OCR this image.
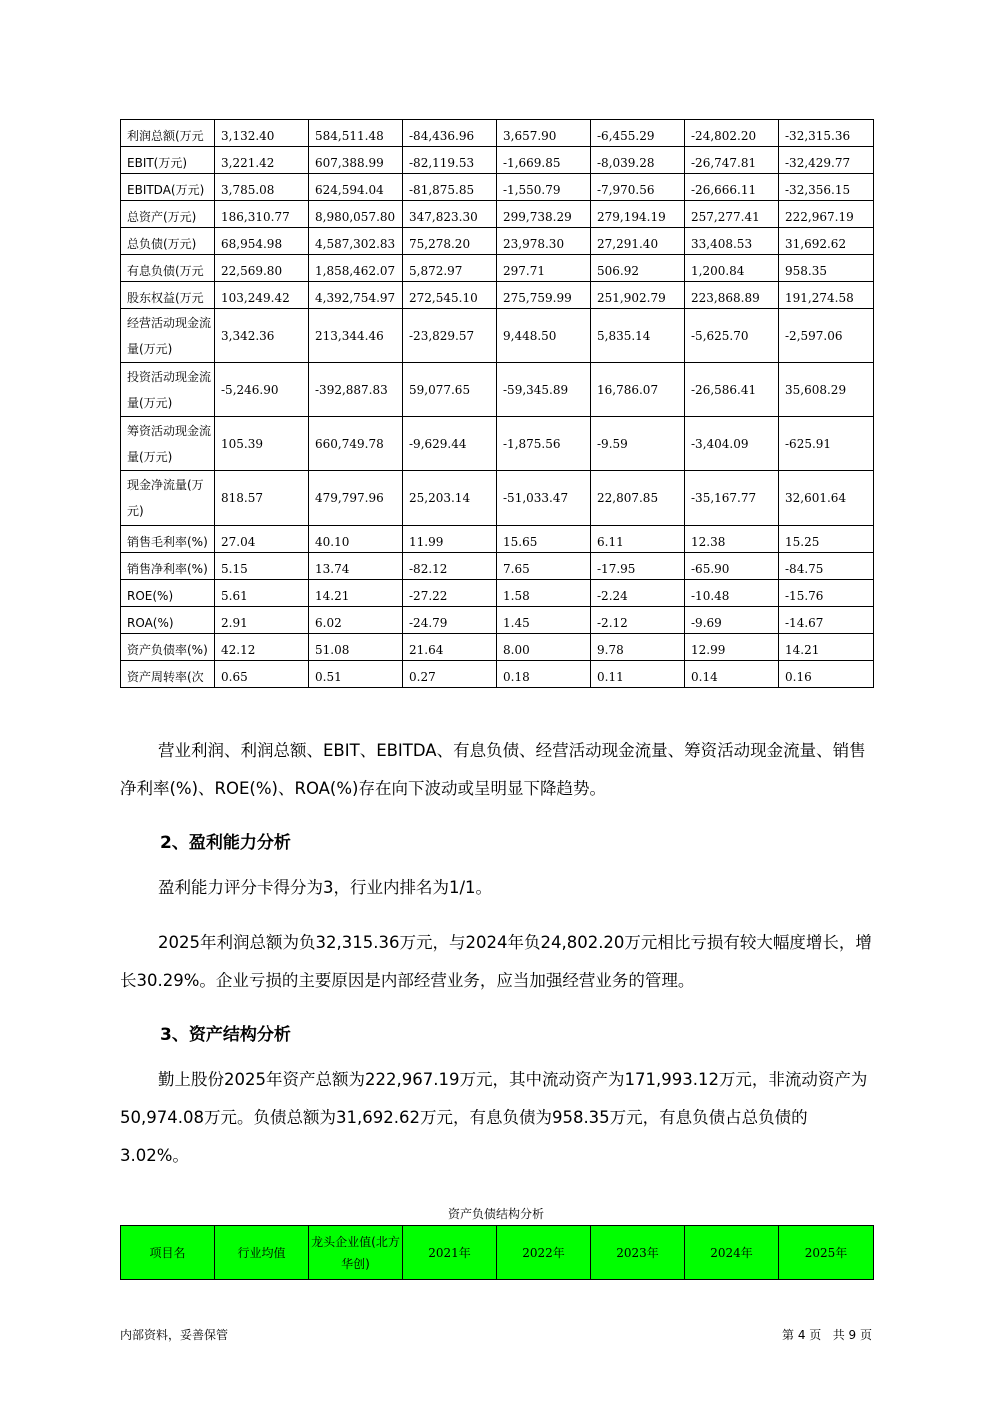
利润总额(万元	3,132.40	584,511.48	-84,436.96	3,657.90	-6,455.29	-24,802.20	-32,315.36
EBIT(万元)	3,221.42	607,388.99	-82,119.53	-1,669.85	-8,039.28	-26,747.81	-32,429.77
EBITDA(万元)	3,785.08	624,594.04	-81,875.85	-1,550.79	-7,970.56	-26,666.11	-32,356.15
总资产(万元)	186,310.77	8,980,057.80	347,823.30	299,738.29	279,194.19	257,277.41	222,967.19
总负债(万元)	68,954.98	4,587,302.83	75,278.20	23,978.30	27,291.40	33,408.53	31,692.62
有息负债(万元	22,569.80	1,858,462.07	5,872.97	297.71	506.92	1,200.84	958.35
股东权益(万元	103,249.42	4,392,754.97	272,545.10	275,759.99	251,902.79	223,868.89	191,274.58
经营活动现金流量(万元)	3,342.36	213,344.46	-23,829.57	9,448.50	5,835.14	-5,625.70	-2,597.06
投资活动现金流量(万元)	-5,246.90	-392,887.83	59,077.65	-59,345.89	16,786.07	-26,586.41	35,608.29
筹资活动现金流量(万元)	105.39	660,749.78	-9,629.44	-1,875.56	-9.59	-3,404.09	-625.91
现金净流量(万元)	818.57	479,797.96	25,203.14	-51,033.47	22,807.85	-35,167.77	32,601.64
销售毛利率(%)	27.04	40.10	11.99	15.65	6.11	12.38	15.25
销售净利率(%)	5.15	13.74	-82.12	7.65	-17.95	-65.90	-84.75
ROE(%)	5.61	14.21	-27.22	1.58	-2.24	-10.48	-15.76
ROA(%)	2.91	6.02	-24.79	1.45	-2.12	-9.69	-14.67
资产负债率(%)	42.12	51.08	21.64	8.00	9.78	12.99	14.21
资产周转率(次	0.65	0.51	0.27	0.18	0.11	0.14	0.16

营业利润、利润总额、EBIT、EBITDA、有息负债、经营活动现金流量、筹资活动现金流量、销售净利率(%)、ROE(%)、ROA(%)存在向下波动或呈明显下降趋势。

2、盈利能力分析

盈利能力评分卡得分为3，行业内排名为1/1。

2025年利润总额为负32,315.36万元，与2024年负24,802.20万元相比亏损有较大幅度增长，增长30.29%。企业亏损的主要原因是内部经营业务，应当加强经营业务的管理。

3、资产结构分析

勤上股份2025年资产总额为222,967.19万元，其中流动资产为171,993.12万元，非流动资产为50,974.08万元。负债总额为31,692.62万元，有息负债为958.35万元，有息负债占总负债的3.02%。

资产负债结构分析
项目名	行业均值	龙头企业值(北方华创)	2021年	2022年	2023年	2024年	2025年
内部资料，妥善保管	第 4 页   共 9 页
